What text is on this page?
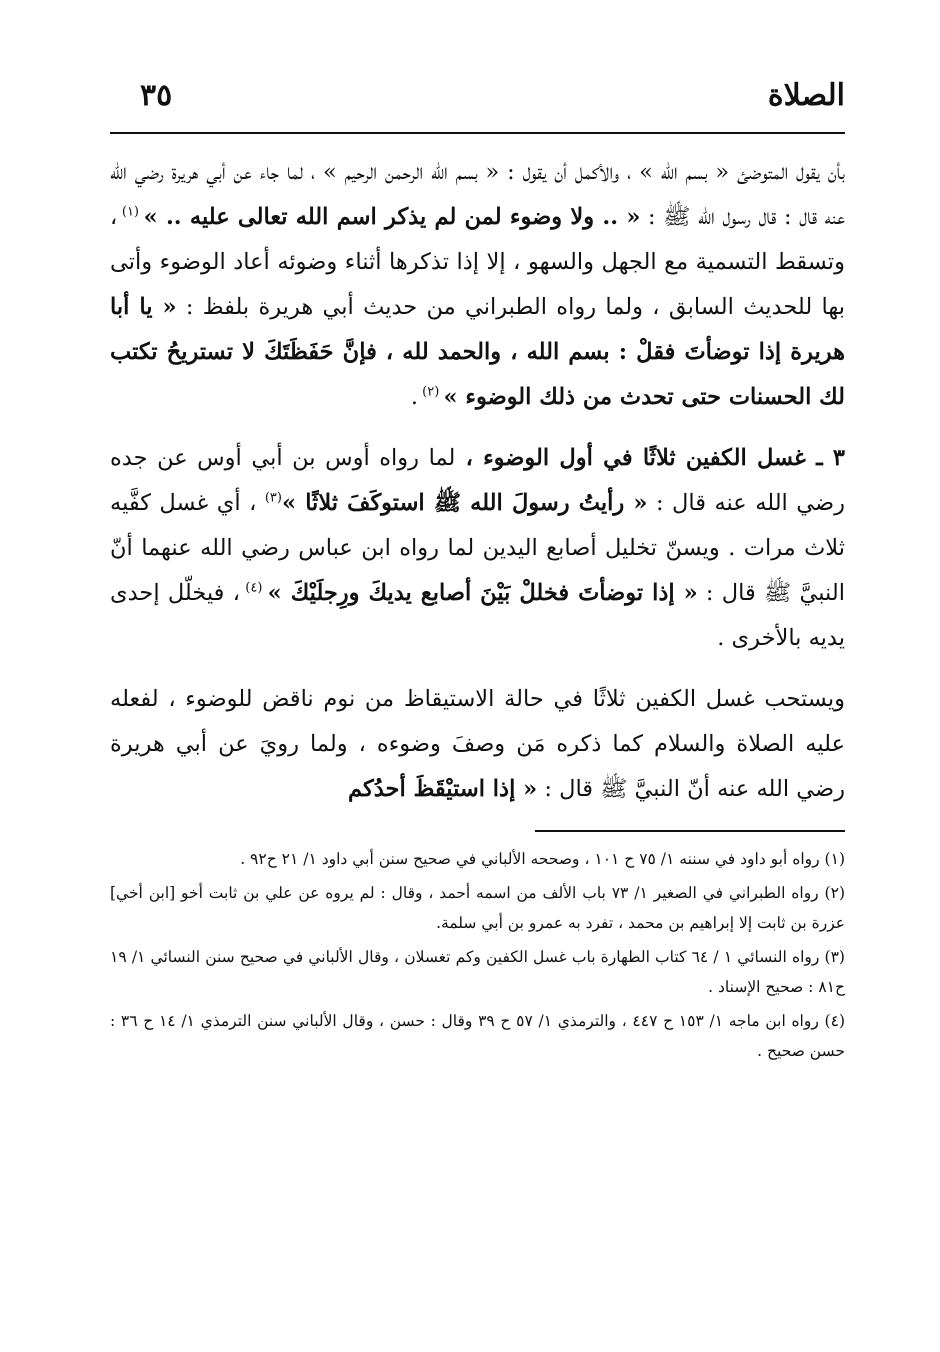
الصلاة
٣٥

بأن يقول المتوضئ « بسم الله » ، والأكمل أن يقول : « بسم الله الرحمن الرحيم » ، لما جاء عن أبي هريرة رضي الله عنه قال : قال رسول الله ﷺ : « .. ولا وضوء لمن لم يذكر اسم الله تعالى عليه .. » $^{(١)}$ ، وتسقط التسمية مع الجهل والسهو ، إلا إذا تذكرها أثناء وضوئه أعاد الوضوء وأتى بها للحديث السابق ، ولما رواه الطبراني من حديث أبي هريرة بلفظ : « يا أبا هريرة إذا توضأتَ فقلْ : بسم الله ، والحمد لله ، فإنَّ حَفَظَتَكَ لا تستريحُ تكتب لك الحسنات حتى تحدث من ذلك الوضوء » $^{(٢)}$ .

٣ ـ غسل الكفين ثلاثًا في أول الوضوء ، لما رواه أوس بن أبي أوس عن جده رضي الله عنه قال : « رأيتُ رسولَ الله ﷺ استوكَفَ ثلاثًا »$^{(٣)}$ ، أي غسل كفَّيه ثلاث مرات . ويسنّ تخليل أصابع اليدين لما رواه ابن عباس رضي الله عنهما أنّ النبيَّ ﷺ قال : « إذا توضأتَ فخللْ بَيْنَ أصابع يديكَ ورِجلَيْكَ » $^{(٤)}$ ، فيخلّل إحدى يديه بالأخرى .

ويستحب غسل الكفين ثلاثًا في حالة الاستيقاظ من نوم ناقض للوضوء ، لفعله عليه الصلاة والسلام كما ذكره مَن وصفَ وضوءه ، ولما رويَ عن أبي هريرة رضي الله عنه أنّ النبيَّ ﷺ قال : « إذا استيْقَظَ أحدُكم

(١) رواه أبو داود في سننه ١/ ٧٥ ح ١٠١ ، وصححه الألباني في صحيح سنن أبي داود ١/ ٢١ ح٩٢ .

(٢) رواه الطبراني في الصغير ١/ ٧٣ باب الألف من اسمه أحمد ، وقال : لم يروه عن علي بن ثابت أخو [ابن أخي] عزرة بن ثابت إلا إبراهيم بن محمد ، تفرد به عمرو بن أبي سلمة.

(٣) رواه النسائي ١ / ٦٤ كتاب الطهارة باب غسل الكفين وكم تغسلان ، وقال الألباني في صحيح سنن النسائي ١/ ١٩ ح٨١ : صحيح الإسناد .

(٤) رواه ابن ماجه ١/ ١٥٣ ح ٤٤٧ ، والترمذي ١/ ٥٧ ح ٣٩ وقال : حسن ، وقال الألباني سنن الترمذي ١/ ١٤ ح ٣٦ : حسن صحيح .
